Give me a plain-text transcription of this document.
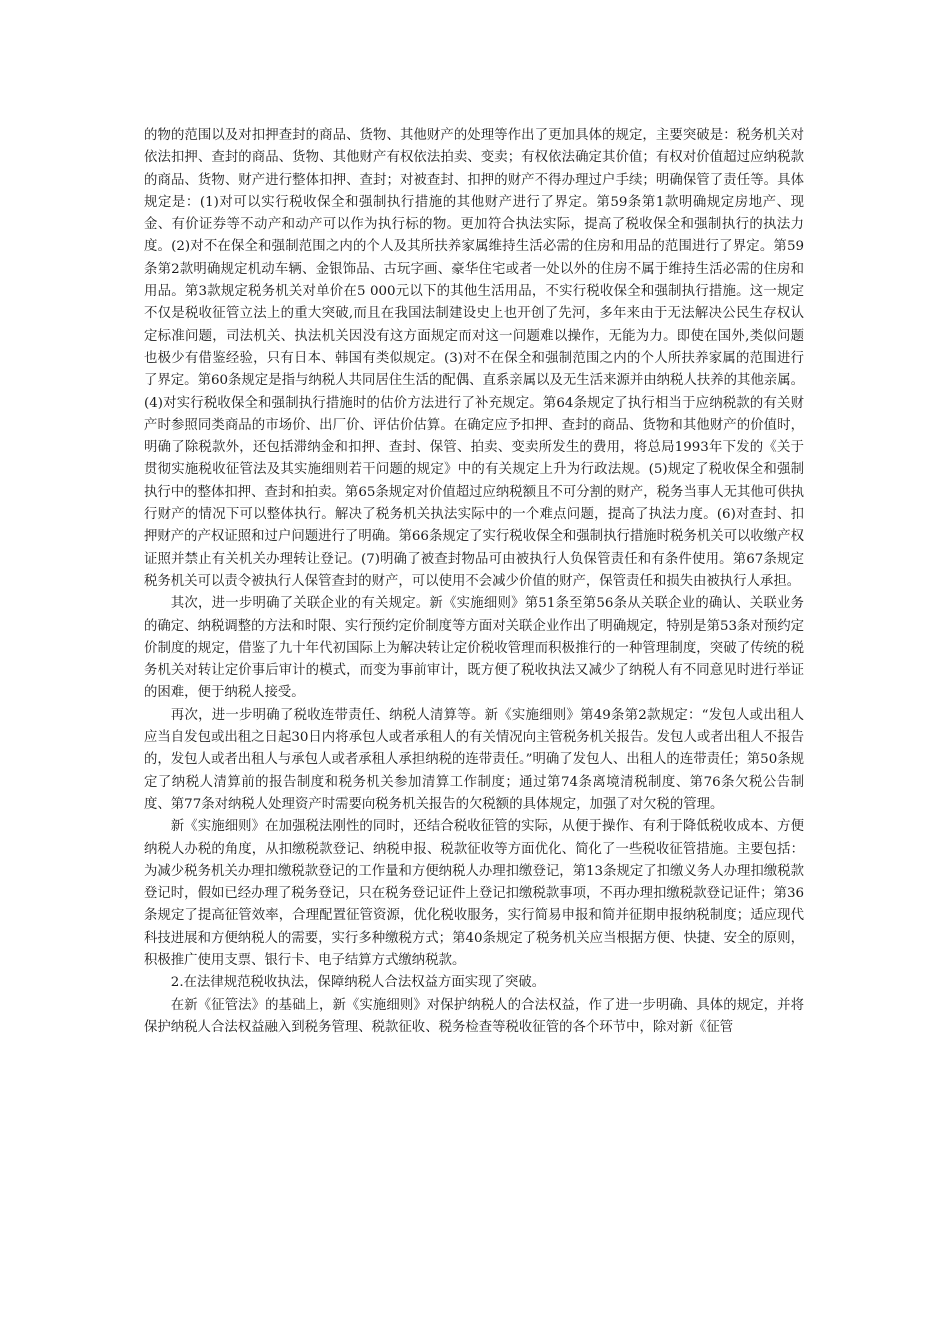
的物的范围以及对扣押查封的商品、货物、其他财产的处理等作出了更加具体的规定，主要突破是：税务机关对依法扣押、查封的商品、货物、其他财产有权依法拍卖、变卖；有权依法确定其价值；有权对价值超过应纳税款的商品、货物、财产进行整体扣押、查封；对被查封、扣押的财产不得办理过户手续；明确保管了责任等。具体规定是：(1)对可以实行税收保全和强制执行措施的其他财产进行了界定。第59条第1款明确规定房地产、现金、有价证券等不动产和动产可以作为执行标的物。更加符合执法实际，提高了税收保全和强制执行的执法力度。(2)对不在保全和强制范围之内的个人及其所扶养家属维持生活必需的住房和用品的范围进行了界定。第59条第2款明确规定机动车辆、金银饰品、古玩字画、豪华住宅或者一处以外的住房不属于维持生活必需的住房和用品。第3款规定税务机关对单价在5 000元以下的其他生活用品，不实行税收保全和强制执行措施。这一规定不仅是税收征管立法上的重大突破,而且在我国法制建设史上也开创了先河，多年来由于无法解决公民生存权认定标准问题，司法机关、执法机关因没有这方面规定而对这一问题难以操作，无能为力。即使在国外,类似问题也极少有借鉴经验，只有日本、韩国有类似规定。(3)对不在保全和强制范围之内的个人所扶养家属的范围进行了界定。第60条规定是指与纳税人共同居住生活的配偶、直系亲属以及无生活来源并由纳税人扶养的其他亲属。(4)对实行税收保全和强制执行措施时的估价方法进行了补充规定。第64条规定了执行相当于应纳税款的有关财产时参照同类商品的市场价、出厂价、评估价估算。在确定应予扣押、查封的商品、货物和其他财产的价值时，明确了除税款外，还包括滞纳金和扣押、查封、保管、拍卖、变卖所发生的费用，将总局1993年下发的《关于贯彻实施税收征管法及其实施细则若干问题的规定》中的有关规定上升为行政法规。(5)规定了税收保全和强制执行中的整体扣押、查封和拍卖。第65条规定对价值超过应纳税额且不可分割的财产，税务当事人无其他可供执行财产的情况下可以整体执行。解决了税务机关执法实际中的一个难点问题，提高了执法力度。(6)对查封、扣押财产的产权证照和过户问题进行了明确。第66条规定了实行税收保全和强制执行措施时税务机关可以收缴产权证照并禁止有关机关办理转让登记。(7)明确了被查封物品可由被执行人负保管责任和有条件使用。第67条规定税务机关可以责令被执行人保管查封的财产，可以使用不会减少价值的财产，保管责任和损失由被执行人承担。

其次，进一步明确了关联企业的有关规定。新《实施细则》第51条至第56条从关联企业的确认、关联业务的确定、纳税调整的方法和时限、实行预约定价制度等方面对关联企业作出了明确规定，特别是第53条对预约定价制度的规定，借鉴了九十年代初国际上为解决转让定价税收管理而积极推行的一种管理制度，突破了传统的税务机关对转让定价事后审计的模式，而变为事前审计，既方便了税收执法又减少了纳税人有不同意见时进行举证的困难，便于纳税人接受。

再次，进一步明确了税收连带责任、纳税人清算等。新《实施细则》第49条第2款规定：“发包人或出租人应当自发包或出租之日起30日内将承包人或者承租人的有关情况向主管税务机关报告。发包人或者出租人不报告的，发包人或者出租人与承包人或者承租人承担纳税的连带责任。”明确了发包人、出租人的连带责任；第50条规定了纳税人清算前的报告制度和税务机关参加清算工作制度；通过第74条离境清税制度、第76条欠税公告制度、第77条对纳税人处理资产时需要向税务机关报告的欠税额的具体规定，加强了对欠税的管理。

新《实施细则》在加强税法刚性的同时，还结合税收征管的实际，从便于操作、有利于降低税收成本、方便纳税人办税的角度，从扣缴税款登记、纳税申报、税款征收等方面优化、简化了一些税收征管措施。主要包括：为减少税务机关办理扣缴税款登记的工作量和方便纳税人办理扣缴登记，第13条规定了扣缴义务人办理扣缴税款登记时，假如已经办理了税务登记，只在税务登记证件上登记扣缴税款事项，不再办理扣缴税款登记证件；第36条规定了提高征管效率，合理配置征管资源，优化税收服务，实行简易申报和简并征期申报纳税制度；适应现代科技进展和方便纳税人的需要，实行多种缴税方式；第40条规定了税务机关应当根据方便、快捷、安全的原则，积极推广使用支票、银行卡、电子结算方式缴纳税款。

2.在法律规范税收执法，保障纳税人合法权益方面实现了突破。

在新《征管法》的基础上，新《实施细则》对保护纳税人的合法权益，作了进一步明确、具体的规定，并将保护纳税人合法权益融入到税务管理、税款征收、税务检查等税收征管的各个环节中，除对新《征管
